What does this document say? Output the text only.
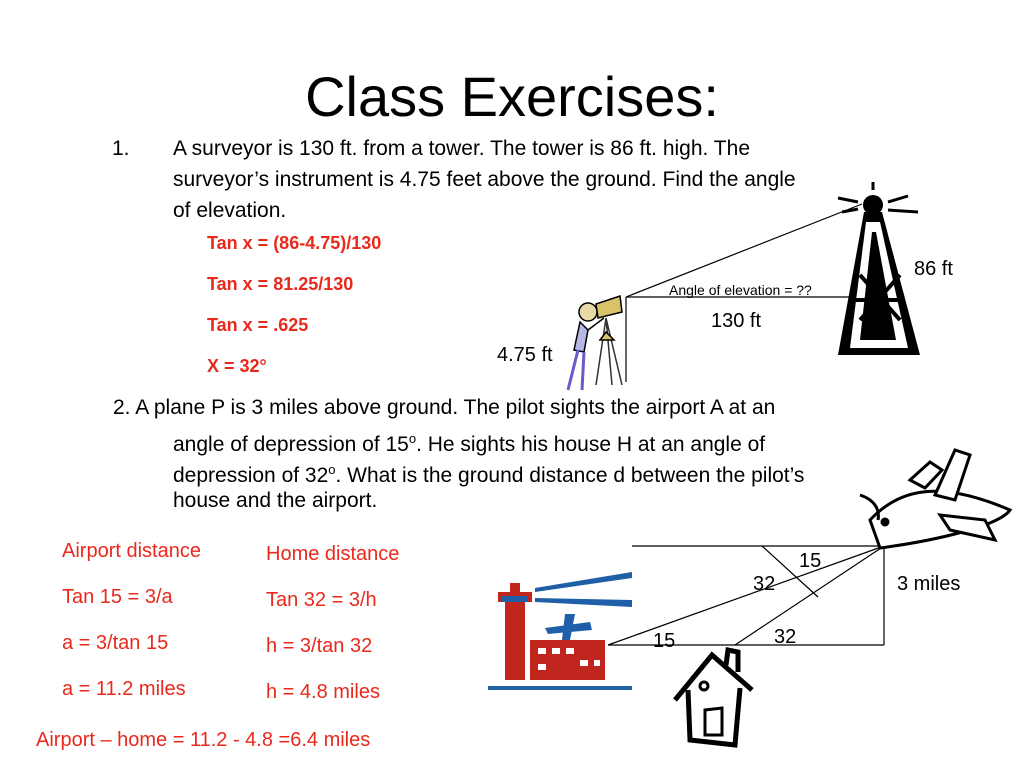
Class Exercises:
1. A surveyor is 130 ft. from a tower. The tower is 86 ft. high. The
surveyor’s instrument is 4.75 feet above the ground. Find the angle
of elevation.
Tan x = (86-4.75)/130
Tan x = 81.25/130
Tan x = .625
X = 32°
86 ft
Angle of elevation = ??
130 ft
4.75 ft
2. A plane P is 3 miles above ground. The pilot sights the airport A at an
angle of depression of 15$^o$. He sights his house H at an angle of
depression of 32$^o$. What is the ground distance d between the pilot’s
house and the airport.
15
32	3 miles
15	32
Airport distance
Tan 15 = 3/a
a = 3/tan 15
a = 11.2 miles
Home distance
Tan 32 = 3/h
h = 3/tan 32
h = 4.8 miles
Airport – home = 11.2 - 4.8 =6.4 miles
